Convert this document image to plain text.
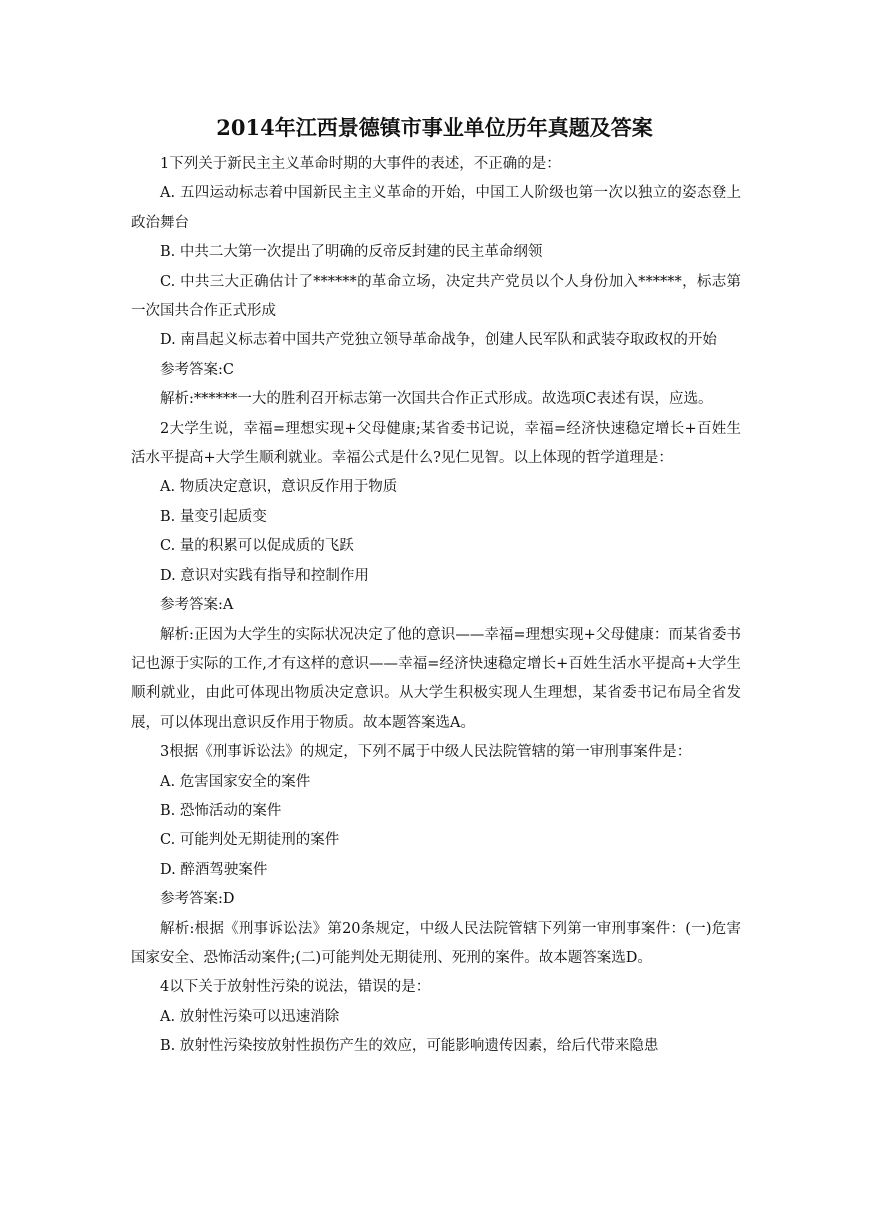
2014年江西景德镇市事业单位历年真题及答案

1下列关于新民主主义革命时期的大事件的表述，不正确的是：

A. 五四运动标志着中国新民主主义革命的开始，中国工人阶级也第一次以独立的姿态登上政治舞台

B. 中共二大第一次提出了明确的反帝反封建的民主革命纲领

C. 中共三大正确估计了******的革命立场，决定共产党员以个人身份加入******，标志第一次国共合作正式形成

D. 南昌起义标志着中国共产党独立领导革命战争，创建人民军队和武装夺取政权的开始

参考答案:C

解析:******一大的胜利召开标志第一次国共合作正式形成。故选项C表述有误，应选。

2大学生说，幸福=理想实现+父母健康;某省委书记说，幸福=经济快速稳定增长+百姓生活水平提高+大学生顺利就业。幸福公式是什么?见仁见智。以上体现的哲学道理是：

A. 物质决定意识，意识反作用于物质

B. 量变引起质变

C. 量的积累可以促成质的飞跃

D. 意识对实践有指导和控制作用

参考答案:A

解析:正因为大学生的实际状况决定了他的意识——幸福=理想实现+父母健康：而某省委书记也源于实际的工作,才有这样的意识——幸福=经济快速稳定增长+百姓生活水平提高+大学生顺利就业，由此可体现出物质决定意识。从大学生积极实现人生理想，某省委书记布局全省发展，可以体现出意识反作用于物质。故本题答案选A。

3根据《刑事诉讼法》的规定，下列不属于中级人民法院管辖的第一审刑事案件是：

A. 危害国家安全的案件

B. 恐怖活动的案件

C. 可能判处无期徒刑的案件

D. 醉酒驾驶案件

参考答案:D

解析:根据《刑事诉讼法》第20条规定，中级人民法院管辖下列第一审刑事案件：(一)危害国家安全、恐怖活动案件;(二)可能判处无期徒刑、死刑的案件。故本题答案选D。

4以下关于放射性污染的说法，错误的是：

A. 放射性污染可以迅速消除

B. 放射性污染按放射性损伤产生的效应，可能影响遗传因素，给后代带来隐患
